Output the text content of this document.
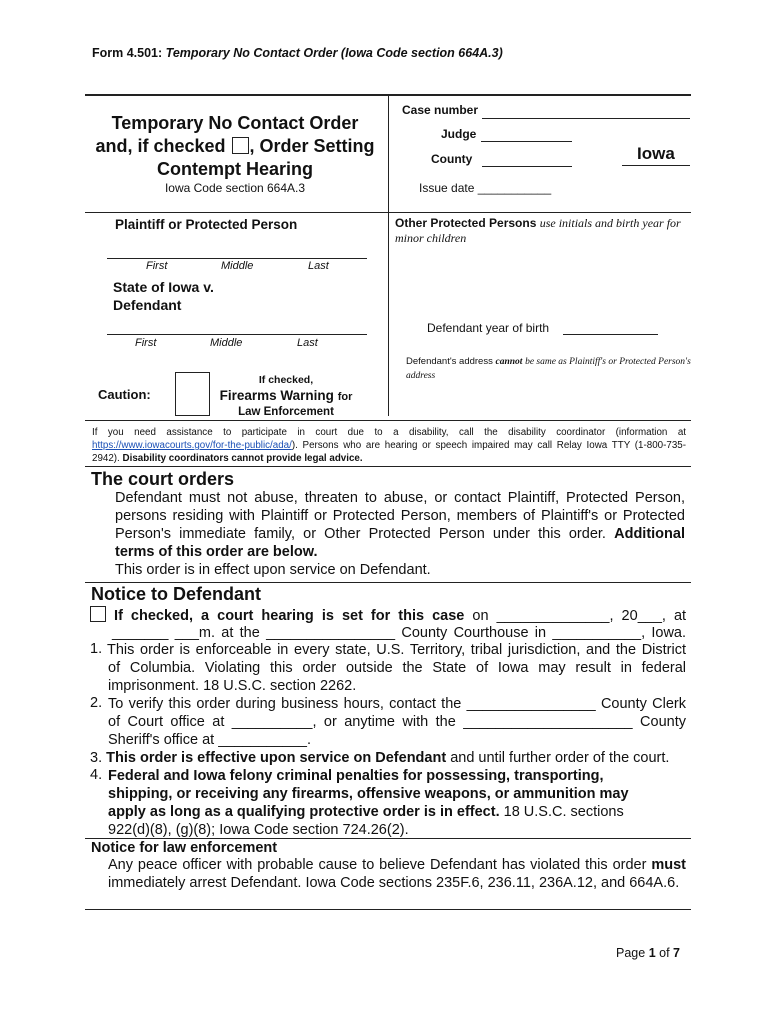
Form 4.501: Temporary No Contact Order (Iowa Code section 664A.3)
Temporary No Contact Order
and, if checked , Order Setting
Contempt Hearing
Iowa Code section 664A.3
Case number
Judge
County	Iowa
Issue date ___________
Plaintiff or Protected Person
First	Middle	Last
State of Iowa v.
Defendant
First	Middle	Last
Other Protected Persons use initials and birth year for minor children
Defendant year of birth
Defendant's address cannot be same as Plaintiff's or Protected Person's address
Caution:
If checked,
Firearms Warning for
Law Enforcement
If you need assistance to participate in court due to a disability, call the disability coordinator (information at https://www.iowacourts.gov/for-the-public/ada/). Persons who are hearing or speech impaired may call Relay Iowa TTY (1-800-735- 2942). Disability coordinators cannot provide legal advice.
The court orders
Defendant must not abuse, threaten to abuse, or contact Plaintiff, Protected Person, persons residing with Plaintiff or Protected Person, members of Plaintiff's or Protected Person's immediate family, or Other Protected Person under this order. Additional terms of this order are below.
This order is in effect upon service on Defendant.
Notice to Defendant
If checked, a court hearing is set for this case on ______________, 20___, at
_______ ___m. at the ________________ County Courthouse in ___________, Iowa.
1. This order is enforceable in every state, U.S. Territory, tribal jurisdiction, and the District
of Columbia. Violating this order outside the State of Iowa may result in federal
imprisonment. 18 U.S.C. section 2262.
2. To verify this order during business hours, contact the ________________ County Clerk
of Court office at __________, or anytime with the _____________________ County
Sheriff's office at ___________.
3. This order is effective upon service on Defendant and until further order of the court.
4. Federal and Iowa felony criminal penalties for possessing, transporting,
shipping, or receiving any firearms, offensive weapons, or ammunition may
apply as long as a qualifying protective order is in effect. 18 U.S.C. sections
922(d)(8), (g)(8); Iowa Code section 724.26(2).
Notice for law enforcement
Any peace officer with probable cause to believe Defendant has violated this order must immediately arrest Defendant. Iowa Code sections 235F.6, 236.11, 236A.12, and 664A.6.
Page 1 of 7
